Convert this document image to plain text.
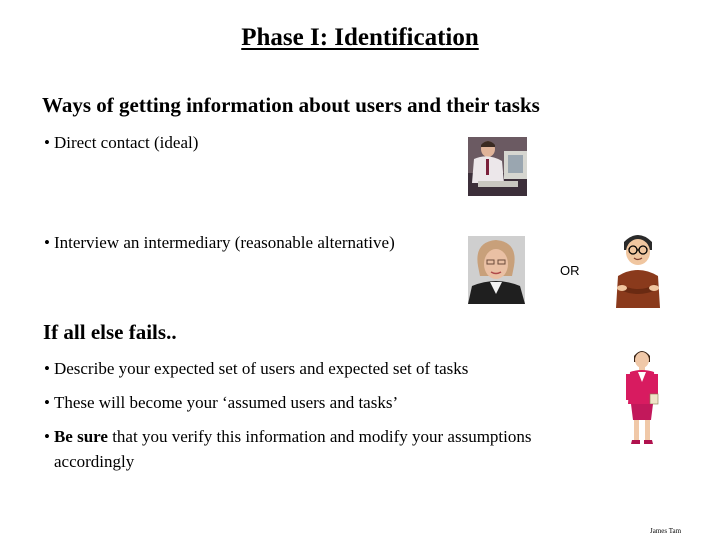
Phase I: Identification
Ways of getting information about users and their tasks
• Direct contact (ideal)
• Interview an intermediary (reasonable alternative)
OR
If all else fails..
• Describe your expected set of users and expected set of tasks
• These will become your ‘assumed users and tasks’
• Be sure that you verify this information and modify your assumptions
accordingly
James Tam
